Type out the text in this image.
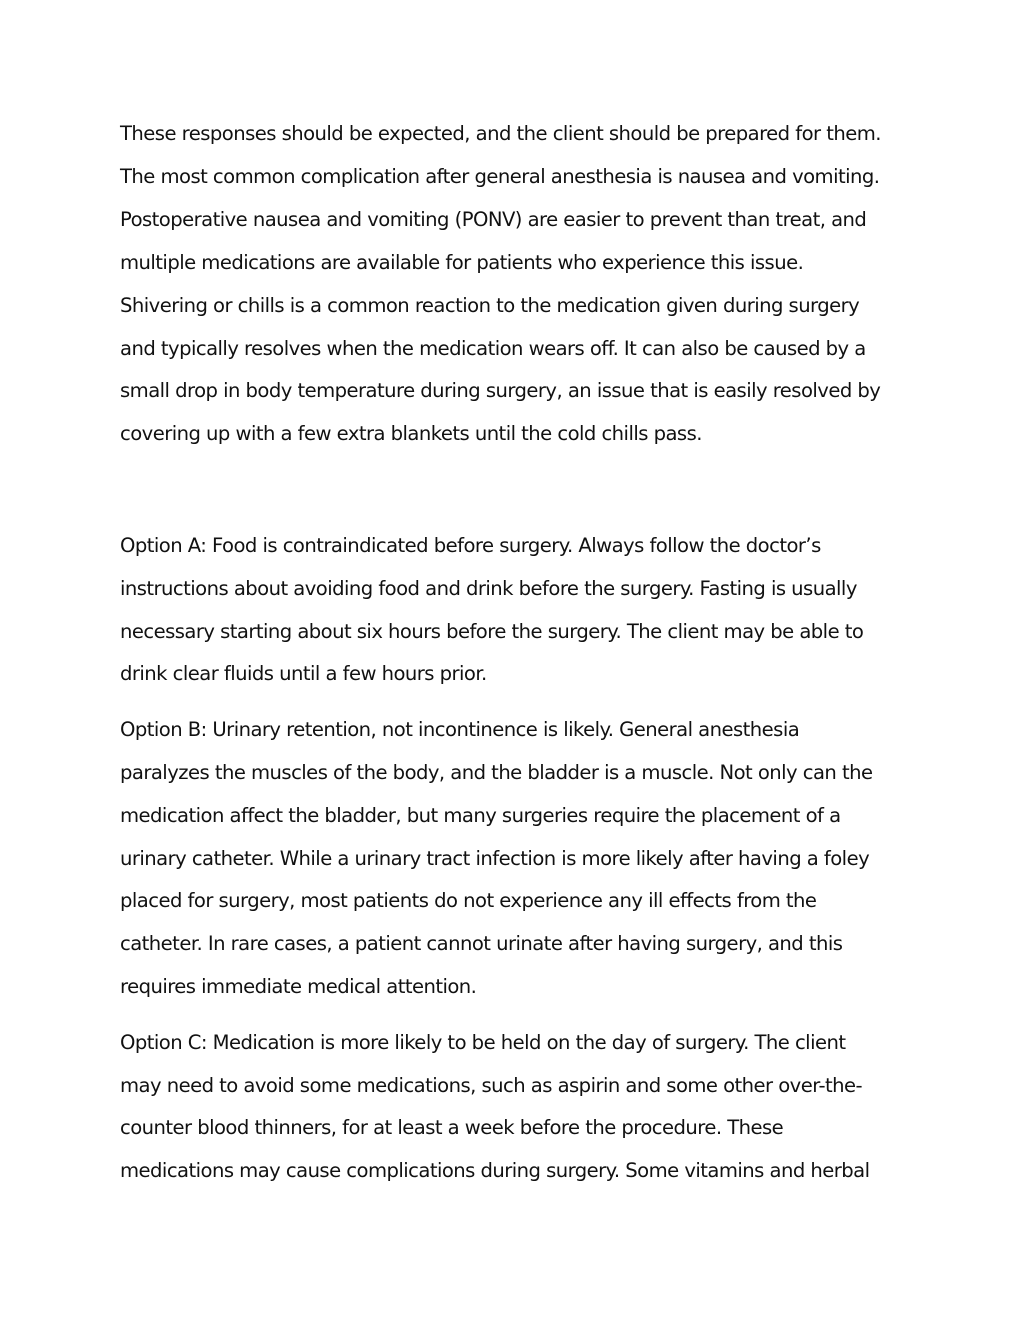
These responses should be expected, and the client should be prepared for them.
The most common complication after general anesthesia is nausea and vomiting.
Postoperative nausea and vomiting (PONV) are easier to prevent than treat, and
multiple medications are available for patients who experience this issue.
Shivering or chills is a common reaction to the medication given during surgery
and typically resolves when the medication wears off. It can also be caused by a
small drop in body temperature during surgery, an issue that is easily resolved by
covering up with a few extra blankets until the cold chills pass.
Option A: Food is contraindicated before surgery. Always follow the doctor’s
instructions about avoiding food and drink before the surgery. Fasting is usually
necessary starting about six hours before the surgery. The client may be able to
drink clear fluids until a few hours prior.
Option B: Urinary retention, not incontinence is likely. General anesthesia
paralyzes the muscles of the body, and the bladder is a muscle. Not only can the
medication affect the bladder, but many surgeries require the placement of a
urinary catheter. While a urinary tract infection is more likely after having a foley
placed for surgery, most patients do not experience any ill effects from the
catheter. In rare cases, a patient cannot urinate after having surgery, and this
requires immediate medical attention.
Option C: Medication is more likely to be held on the day of surgery. The client
may need to avoid some medications, such as aspirin and some other over-the-
counter blood thinners, for at least a week before the procedure. These
medications may cause complications during surgery. Some vitamins and herbal
